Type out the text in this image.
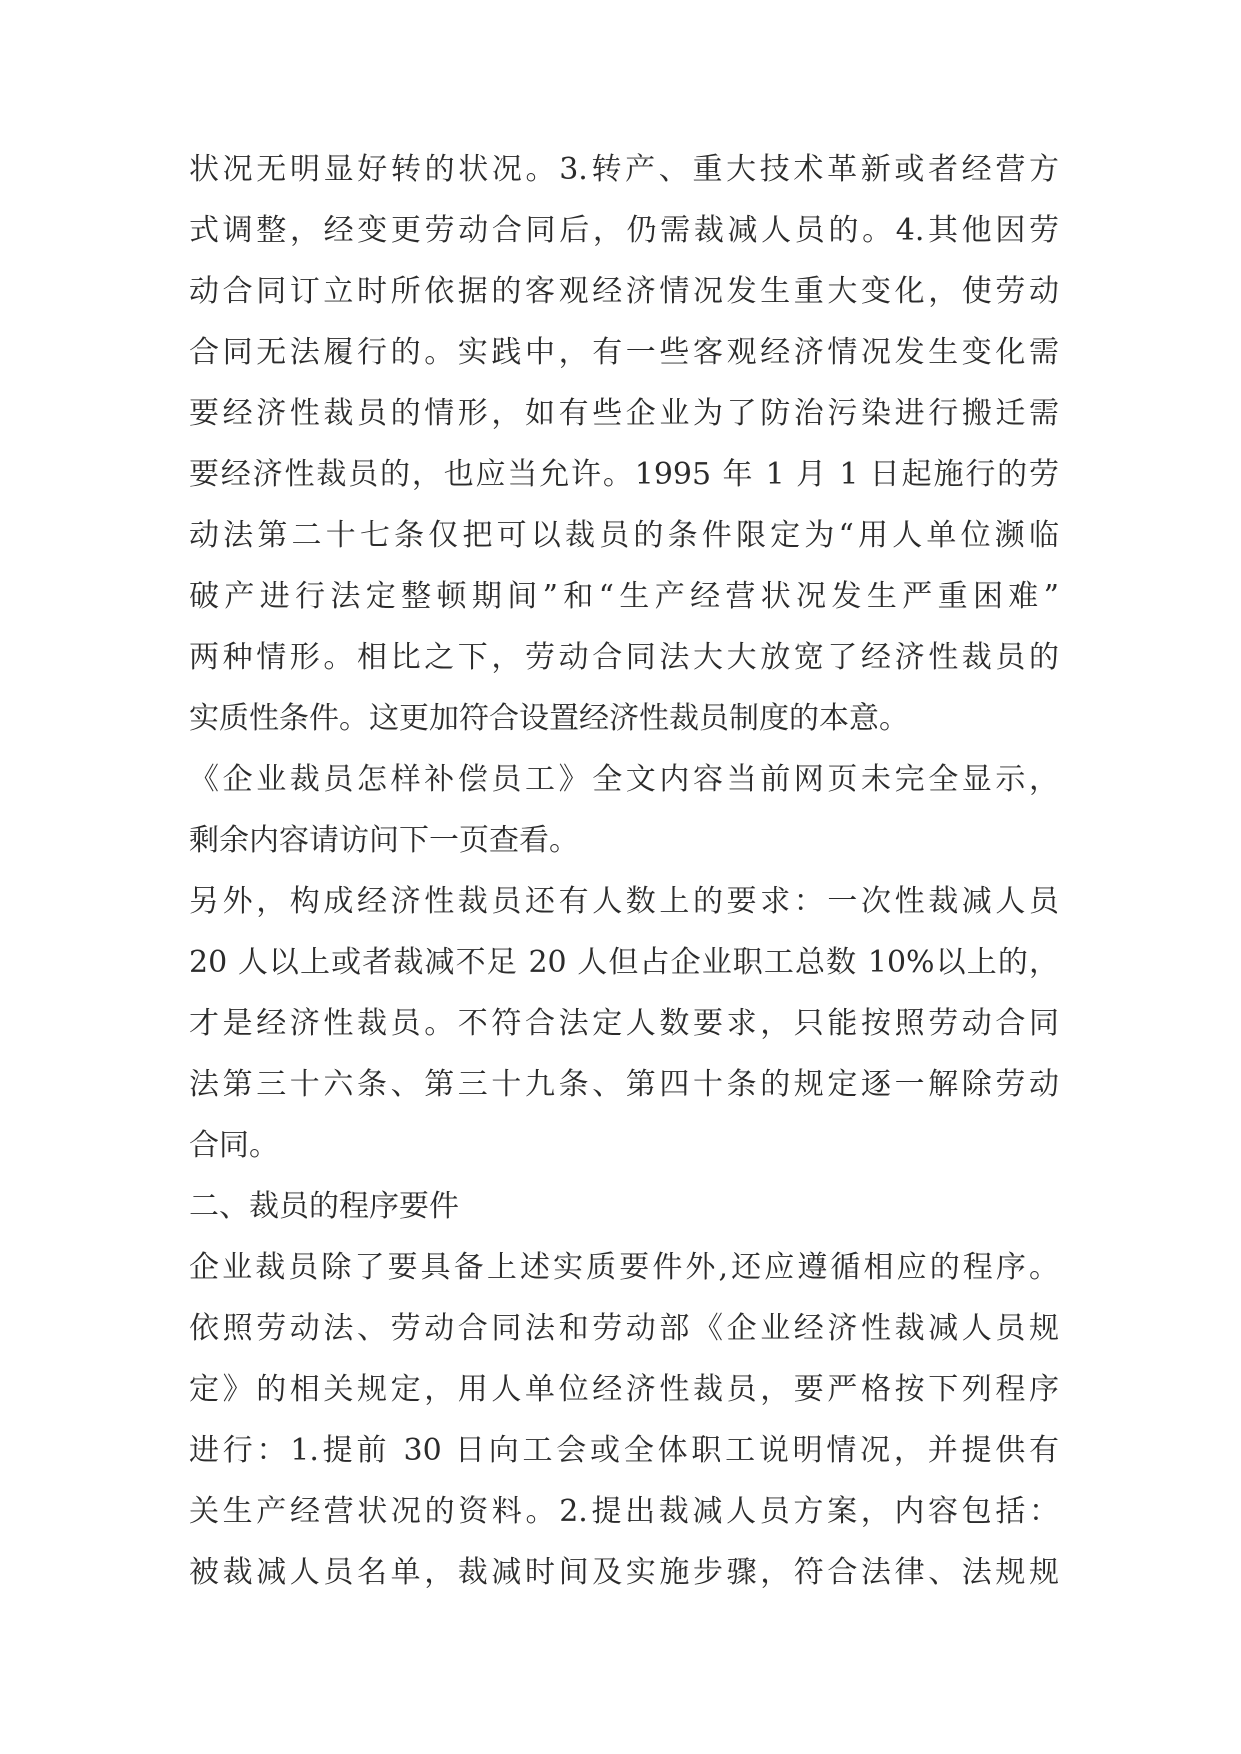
状况无明显好转的状况。3.转产、重大技术革新或者经营方
式调整，经变更劳动合同后，仍需裁减人员的。4.其他因劳
动合同订立时所依据的客观经济情况发生重大变化，使劳动
合同无法履行的。实践中，有一些客观经济情况发生变化需
要经济性裁员的情形，如有些企业为了防治污染进行搬迁需
要经济性裁员的，也应当允许。1995 年 1 月 1 日起施行的劳
动法第二十七条仅把可以裁员的条件限定为“用人单位濒临
破产进行法定整顿期间”和“生产经营状况发生严重困难”
两种情形。相比之下，劳动合同法大大放宽了经济性裁员的
实质性条件。这更加符合设置经济性裁员制度的本意。
《企业裁员怎样补偿员工》全文内容当前网页未完全显示，
剩余内容请访问下一页查看。
另外，构成经济性裁员还有人数上的要求：一次性裁减人员
20 人以上或者裁减不足 20 人但占企业职工总数 10%以上的，
才是经济性裁员。不符合法定人数要求，只能按照劳动合同
法第三十六条、第三十九条、第四十条的规定逐一解除劳动
合同。
二、裁员的程序要件
企业裁员除了要具备上述实质要件外,还应遵循相应的程序。
依照劳动法、劳动合同法和劳动部《企业经济性裁减人员规
定》的相关规定，用人单位经济性裁员，要严格按下列程序
进行：1.提前 30 日向工会或全体职工说明情况，并提供有
关生产经营状况的资料。2.提出裁减人员方案，内容包括：
被裁减人员名单，裁减时间及实施步骤，符合法律、法规规
